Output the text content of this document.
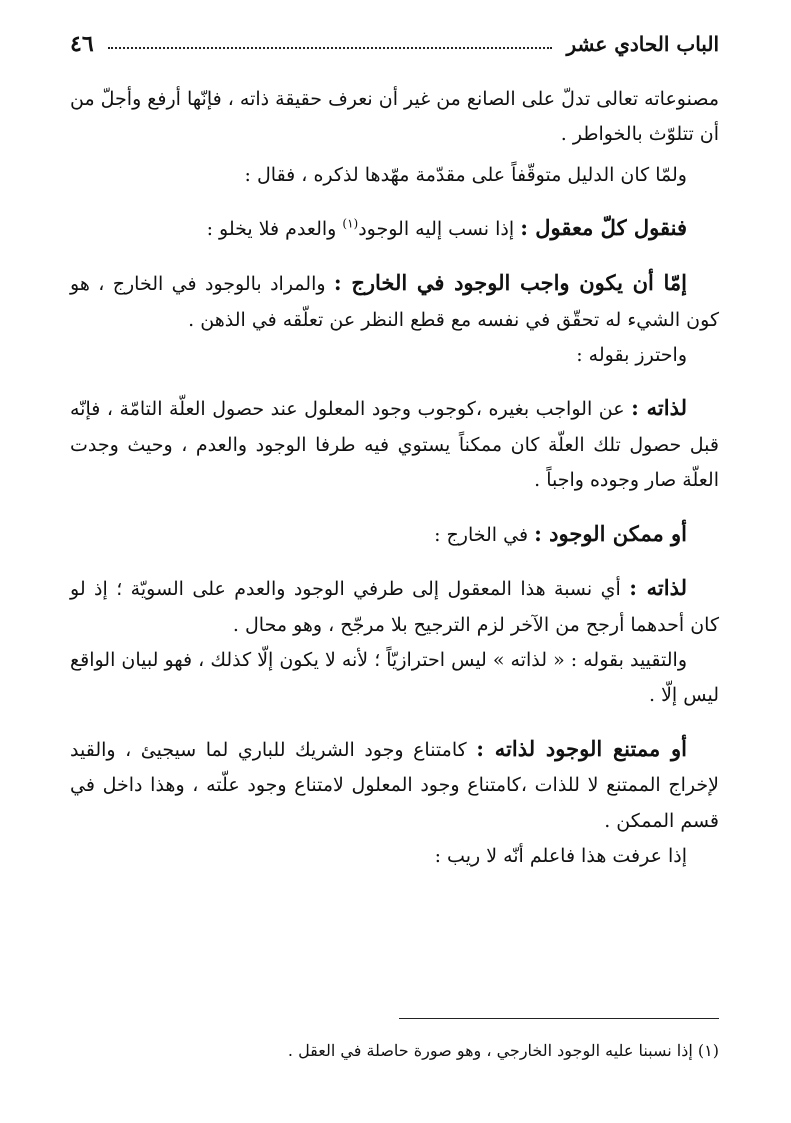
الباب الحادي عشر
٤٦

مصنوعاته تعالى تدلّ على الصانع من غير أن نعرف حقيقة ذاته ، فإنّها أرفع وأجلّ من أن تتلوّث بالخواطر .

ولمّا كان الدليل متوقّفاً على مقدّمة مهّدها لذكره ، فقال :

فنقول كلّ معقول : إذا نسب إليه الوجود$^{(١)}$ والعدم فلا يخلو :

إمّا أن يكون واجب الوجود في الخارج : والمراد بالوجود في الخارج ، هو كون الشيء له تحقّق في نفسه مع قطع النظر عن تعلّقه في الذهن .

واحترز بقوله :

لذاته : عن الواجب بغيره ،كوجوب وجود المعلول عند حصول العلّة التامّة ، فإنّه قبل حصول تلك العلّة كان ممكناً يستوي فيه طرفا الوجود والعدم ، وحيث وجدت العلّة صار وجوده واجباً .

أو ممكن الوجود : في الخارج :

لذاته : أي نسبة هذا المعقول إلى طرفي الوجود والعدم على السويّة ؛ إذ لو كان أحدهما أرجح من الآخر لزم الترجيح بلا مرجّح ، وهو محال .

والتقييد بقوله : « لذاته » ليس احترازيّاً ؛ لأنه لا يكون إلّا كذلك ، فهو لبيان الواقع ليس إلّا .

أو ممتنع الوجود لذاته : كامتناع وجود الشريك للباري لما سيجيئ ، والقيد لإخراج الممتنع لا للذات ،كامتناع وجود المعلول لامتناع وجود علّته ، وهذا داخل في قسم الممكن .

إذا عرفت هذا فاعلم أنّه لا ريب :

(١) إذا نسبنا عليه الوجود الخارجي ، وهو صورة حاصلة في العقل .
